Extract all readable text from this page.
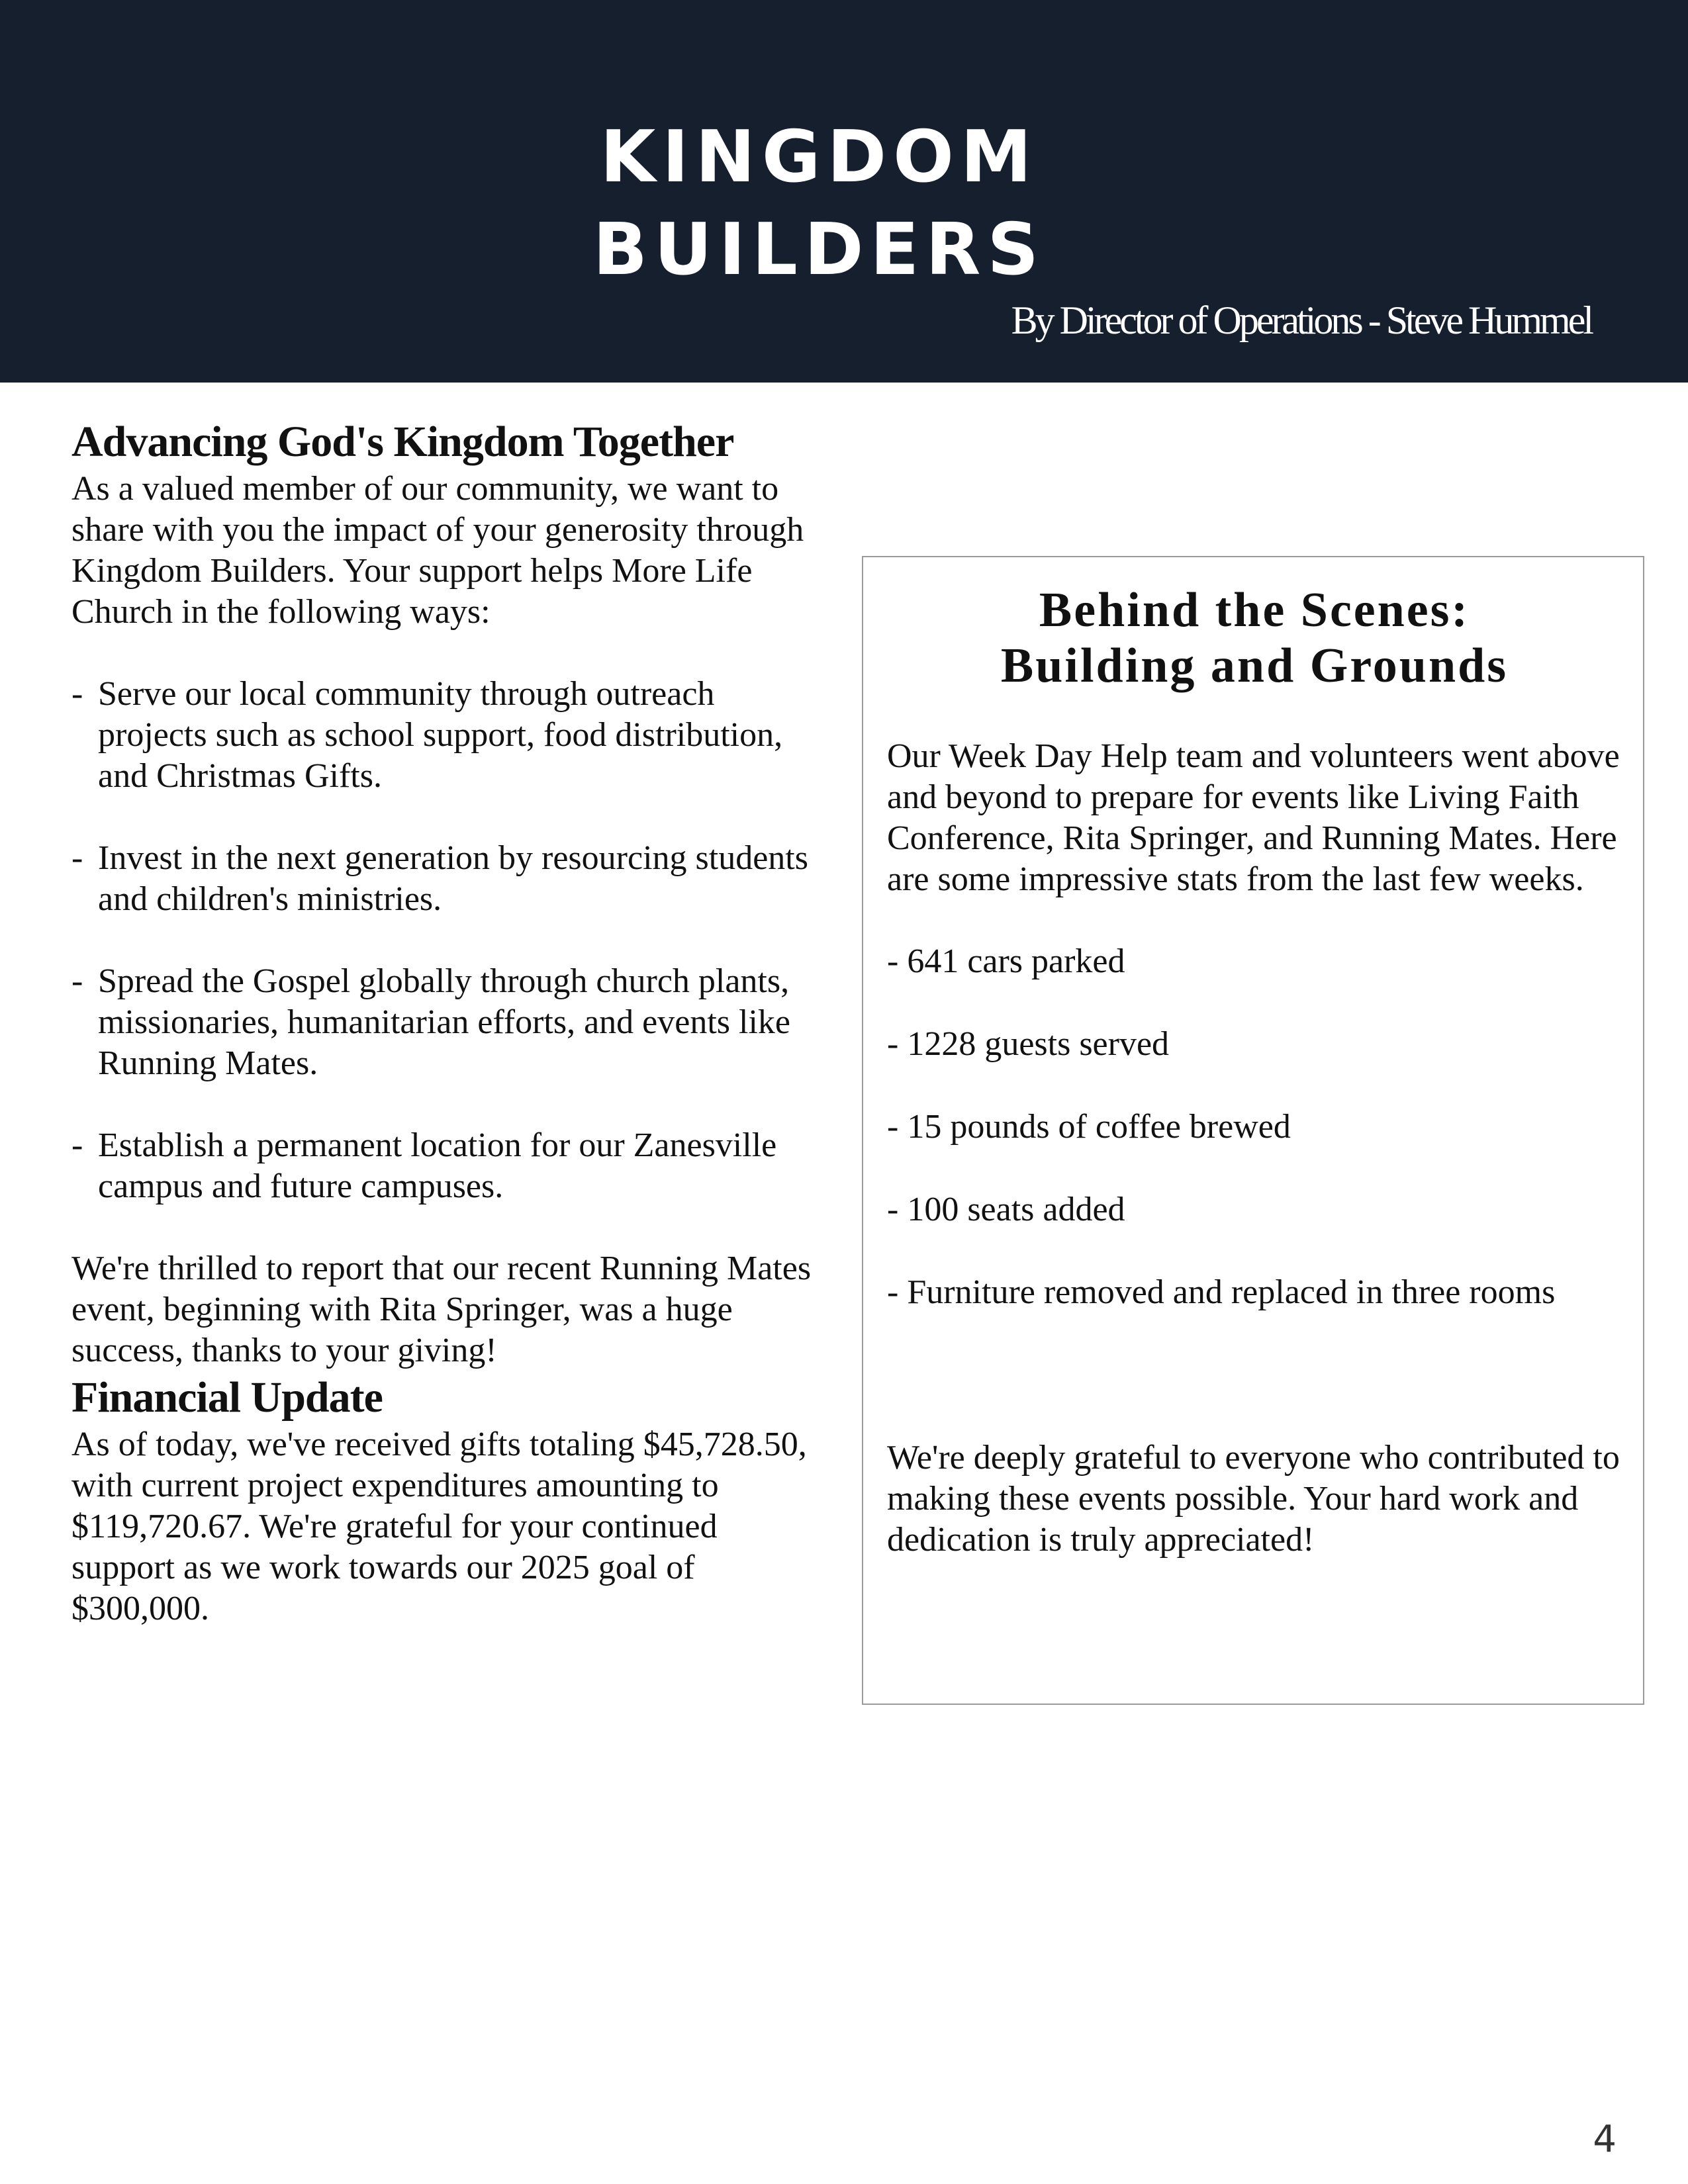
KINGDOM
BUILDERS
By Director of Operations - Steve Hummel
Advancing God's Kingdom Together

As a valued member of our community, we want to share with you the impact of your generosity through Kingdom Builders. Your support helps More Life Church in the following ways:

- Serve our local community through outreach projects such as school support, food distribution, and Christmas Gifts.
- Invest in the next generation by resourcing students and children's ministries.
- Spread the Gospel globally through church plants, missionaries, humanitarian efforts, and events like Running Mates.
- Establish a permanent location for our Zanesville campus and future campuses.

We're thrilled to report that our recent Running Mates event, beginning with Rita Springer, was a huge success, thanks to your giving!

Financial Update

As of today, we've received gifts totaling $45,728.50, with current project expenditures amounting to $119,720.67. We're grateful for your continued support as we work towards our 2025 goal of $300,000.

Behind the Scenes:
Building and Grounds

Our Week Day Help team and volunteers went above and beyond to prepare for events like Living Faith Conference, Rita Springer, and Running Mates. Here are some impressive stats from the last few weeks.

- 641 cars parked
- 1228 guests served
- 15 pounds of coffee brewed
- 100 seats added
- Furniture removed and replaced in three rooms

We're deeply grateful to everyone who contributed to making these events possible. Your hard work and dedication is truly appreciated!

4
